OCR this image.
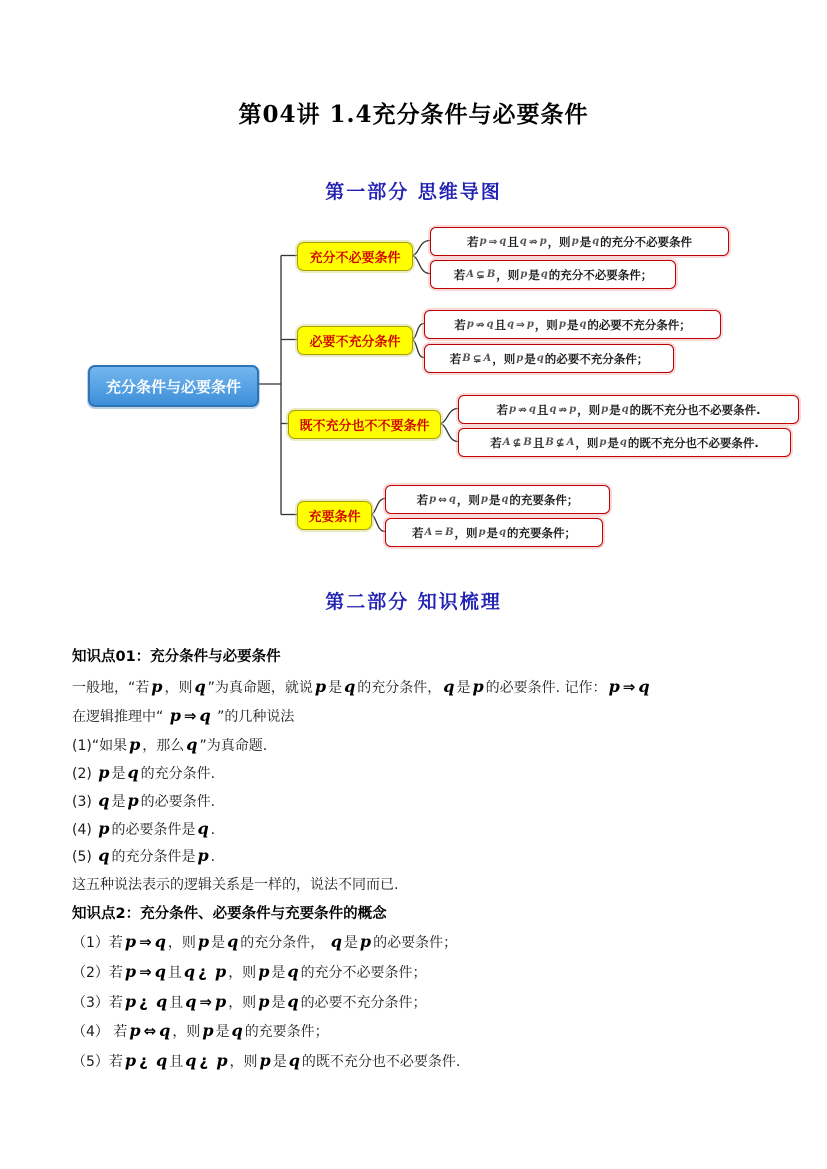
第04讲 1.4充分条件与必要条件
第一部分 思维导图
充分条件与必要条件
充分不必要条件
若 p ⇒ q 且 q ⇏ p ，则 p 是 q 的充分不必要条件
若 A ⊊ B ，则 p 是 q 的充分不必要条件；
必要不充分条件
若 p ⇏ q 且 q ⇒ p ，则 p 是 q 的必要不充分条件；
若 B ⊊ A ，则 p 是 q 的必要不充分条件；
既不充分也不不要条件
若 p ⇏ q 且 q ⇏ p ，则 p 是 q 的既不充分也不必要条件.
若 A ⊈ B 且 B ⊈ A ，则 p 是 q 的既不充分也不必要条件.
充要条件
若 p ⇔ q ，则 p 是 q 的充要条件；
若 A = B ，则 p 是 q 的充要条件；
第二部分 知识梳理
知识点01：充分条件与必要条件
一般地，“若 p ，则 q ”为真命题，就说 p 是 q 的充分条件， q 是 p 的必要条件. 记作： p ⇒ q
在逻辑推理中“ p ⇒ q ”的几种说法
(1)“如果 p ，那么 q ”为真命题.
(2) p 是 q 的充分条件.
(3) q 是 p 的必要条件.
(4) p 的必要条件是 q .
(5) q 的充分条件是 p .
这五种说法表示的逻辑关系是一样的，说法不同而已.
知识点2：充分条件、必要条件与充要条件的概念
（1）若 p ⇒ q ，则 p 是 q 的充分条件， q 是 p 的必要条件；
（2）若 p ⇒ q 且 q ¿ p ，则 p 是 q 的充分不必要条件；
（3）若 p ¿ q 且 q ⇒ p ，则 p 是 q 的必要不充分条件；
（4） 若 p ⇔ q ，则 p 是 q 的充要条件；
（5）若 p ¿ q 且 q ¿ p ，则 p 是 q 的既不充分也不必要条件.
